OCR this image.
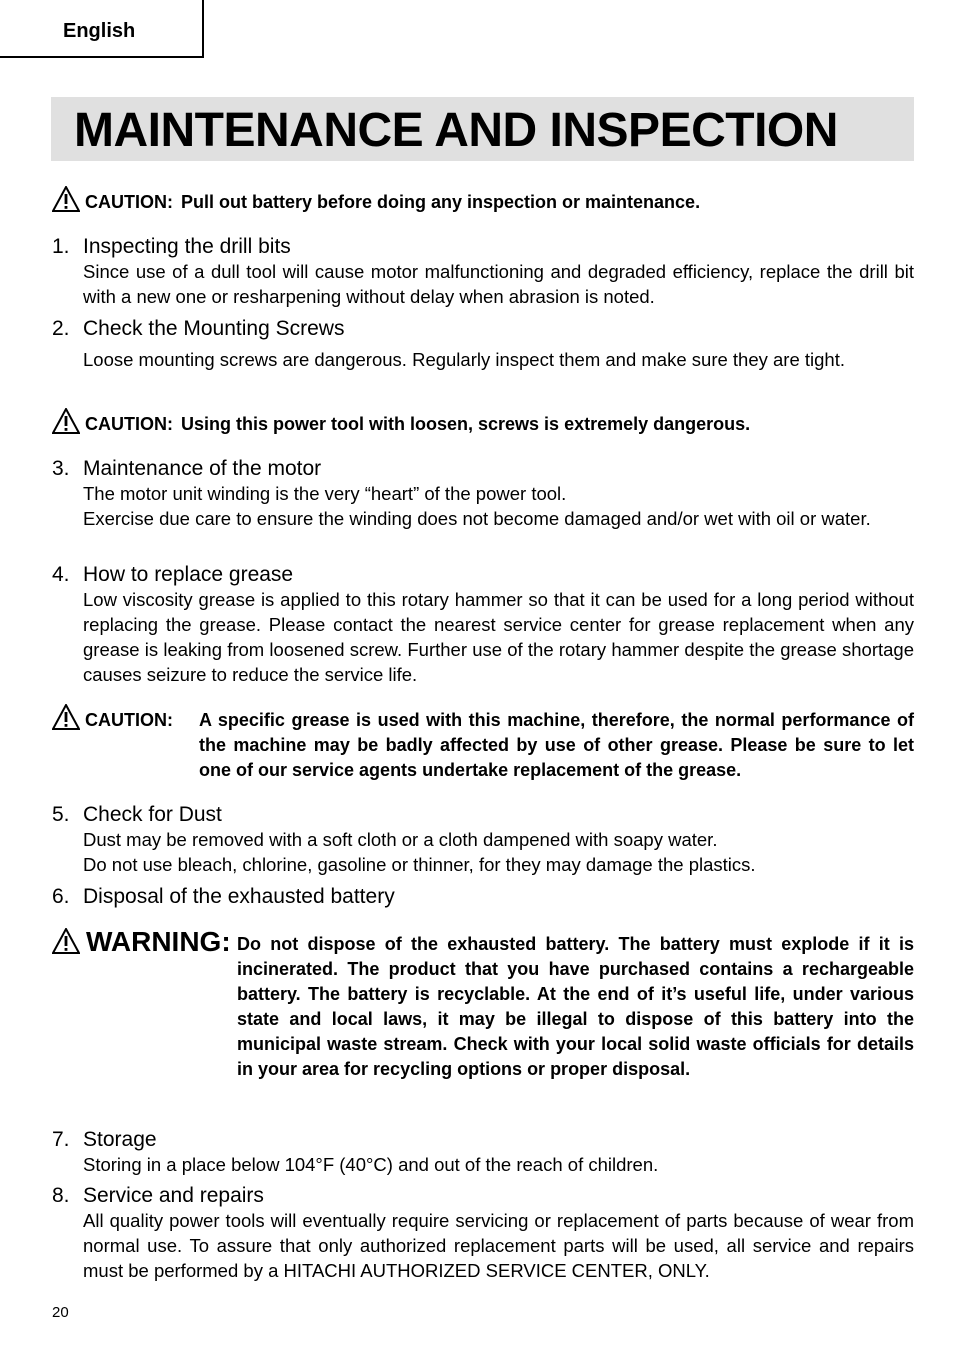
English
MAINTENANCE AND INSPECTION
CAUTION: Pull out battery before doing any inspection or maintenance.
1. Inspecting the drill bits
Since use of a dull tool will cause motor malfunctioning and degraded efficiency, replace the drill bit with a new one or resharpening without delay when abrasion is noted.
2. Check the Mounting Screws
Loose mounting screws are dangerous. Regularly inspect them and make sure they are tight.
CAUTION: Using this power tool with loosen, screws is extremely dangerous.
3. Maintenance of the motor

The motor unit winding is the very “heart” of the power tool.

Exercise due care to ensure the winding does not become damaged and/or wet with oil or water.

4. How to replace grease
Low viscosity grease is applied to this rotary hammer so that it can be used for a long period without replacing the grease. Please contact the nearest service center for grease replacement when any grease is leaking from loosened screw. Further use of the rotary hammer despite the grease shortage causes seizure to reduce the service life.
CAUTION: A specific grease is used with this machine, therefore, the normal performance of the machine may be badly affected by use of other grease. Please be sure to let one of our service agents undertake replacement of the grease.
5. Check for Dust

Dust may be removed with a soft cloth or a cloth dampened with soapy water.

Do not use bleach, chlorine, gasoline or thinner, for they may damage the plastics.

6. Disposal of the exhausted battery
WARNING: Do not dispose of the exhausted battery. The battery must explode if it is incinerated. The product that you have purchased contains a rechargeable battery. The battery is recyclable. At the end of it’s useful life, under various state and local laws, it may be illegal to dispose of this battery into the municipal waste stream. Check with your local solid waste officials for details in your area for recycling options or proper disposal.
7. Storage
Storing in a place below 104°F (40°C) and out of the reach of children.
8. Service and repairs
All quality power tools will eventually require servicing or replacement of parts because of wear from normal use. To assure that only authorized replacement parts will be used, all service and repairs must be performed by a HITACHI AUTHORIZED SERVICE CENTER, ONLY.
20
